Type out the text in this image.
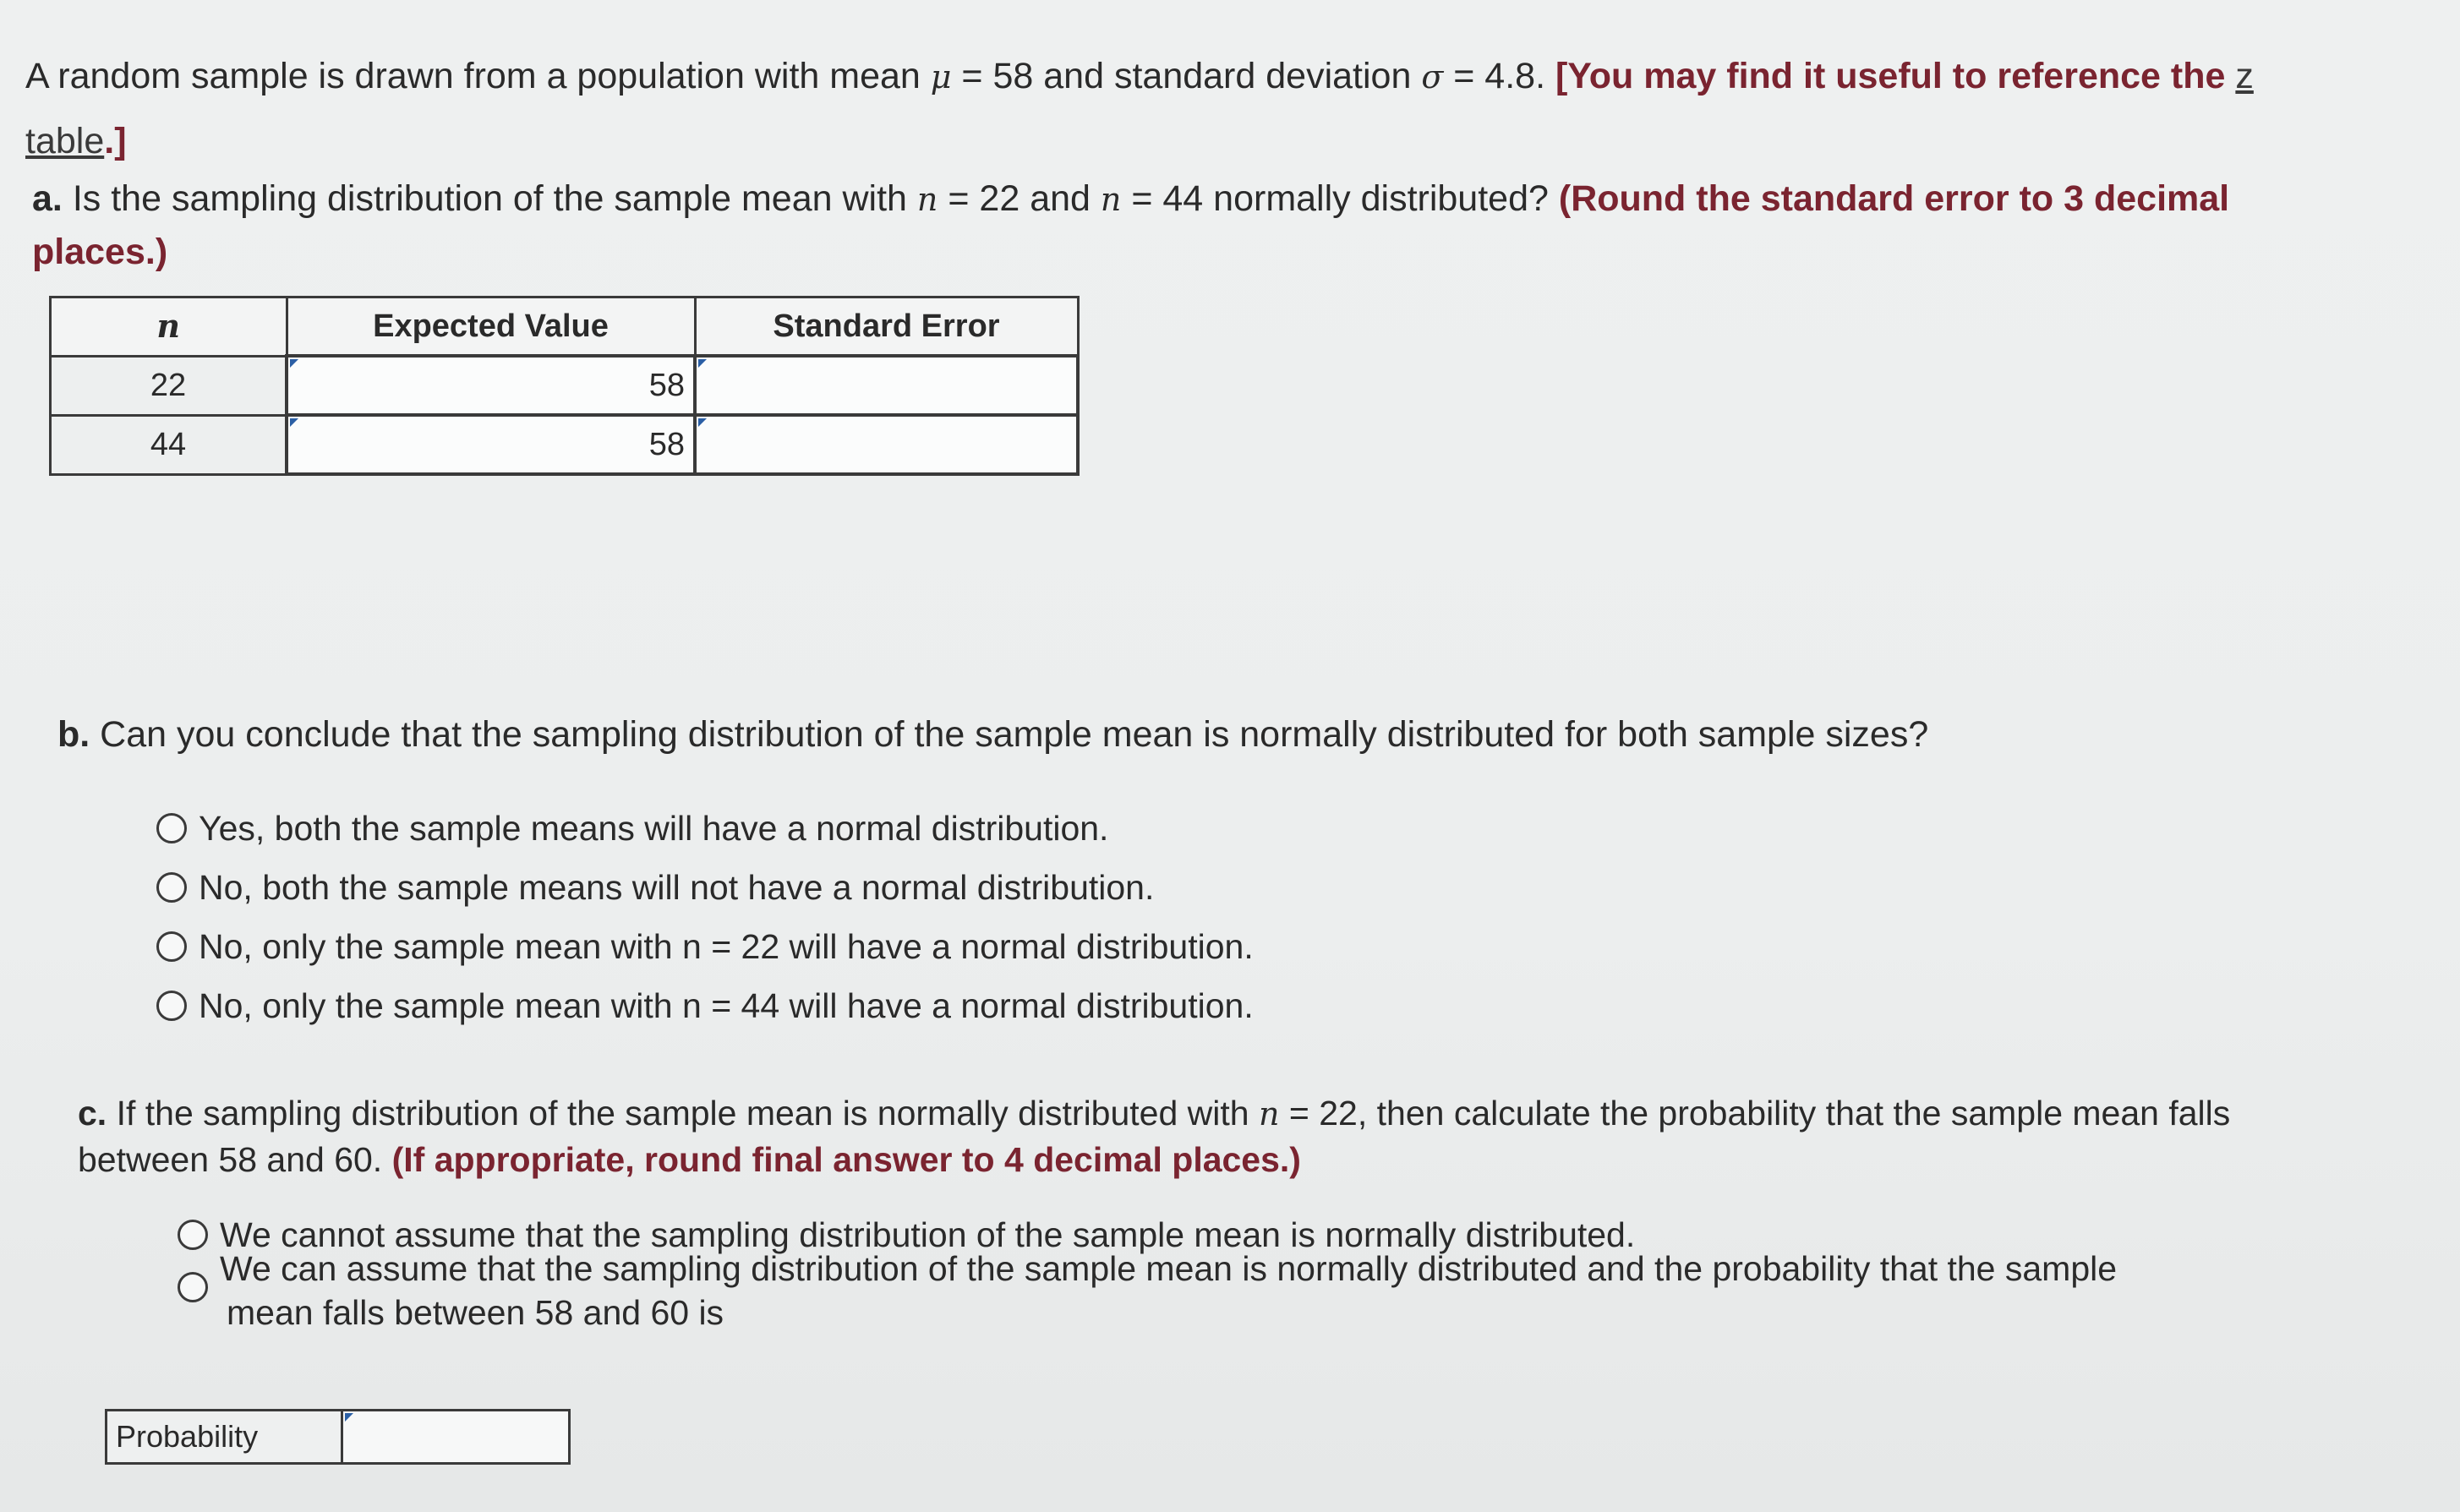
A random sample is drawn from a population with mean μ = 58 and standard deviation σ = 4.8. [You may find it useful to reference the z table.]
a. Is the sampling distribution of the sample mean with n = 22 and n = 44 normally distributed? (Round the standard error to 3 decimal places.)
n	Expected Value	Standard Error
22	58	

44	58	
b. Can you conclude that the sampling distribution of the sample mean is normally distributed for both sample sizes?
Yes, both the sample means will have a normal distribution.
No, both the sample means will not have a normal distribution.
No, only the sample mean with n = 22 will have a normal distribution.
No, only the sample mean with n = 44 will have a normal distribution.
c. If the sampling distribution of the sample mean is normally distributed with n = 22, then calculate the probability that the sample mean falls between 58 and 60. (If appropriate, round final answer to 4 decimal places.)
We cannot assume that the sampling distribution of the sample mean is normally distributed.
We can assume that the sampling distribution of the sample mean is normally distributed and the probability that the sample
mean falls between 58 and 60 is
Probability
